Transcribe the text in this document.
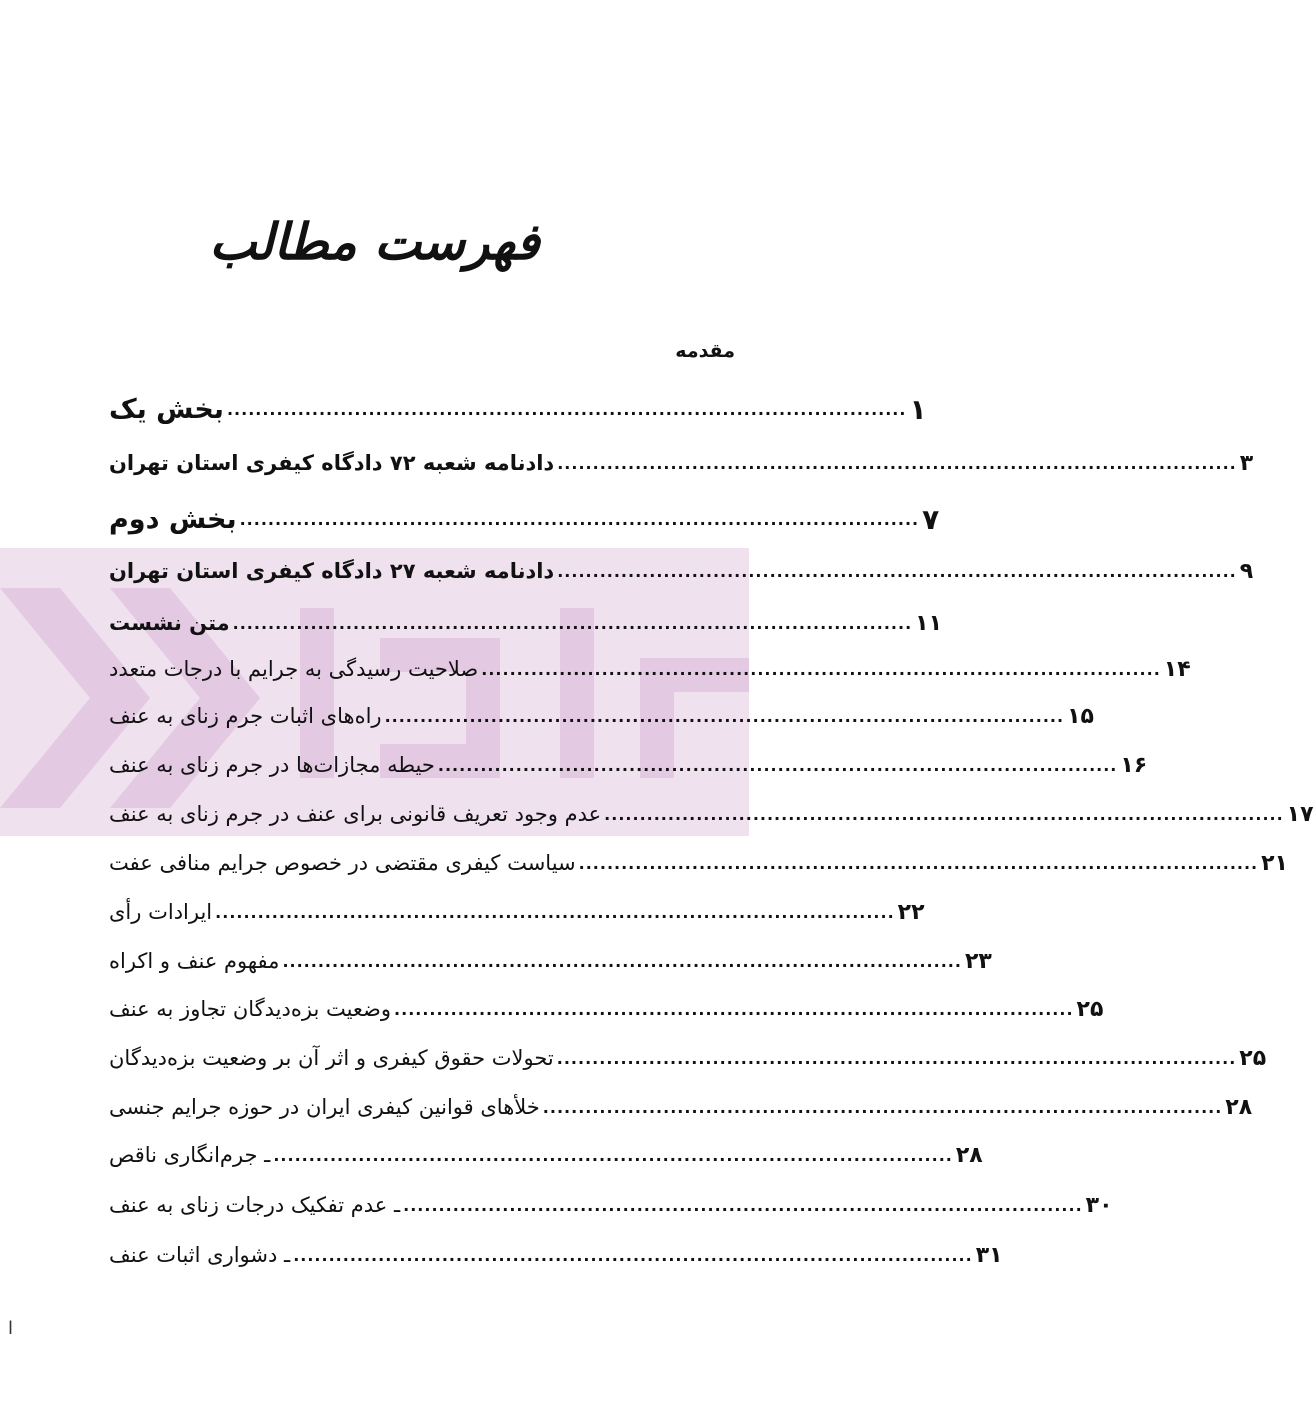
فهرست مطالب
مقدمه
بخش یک ................................................................................................ ۱
دادنامه شعبه ۷۲ دادگاه کیفری استان تهران ................................................................................................ ۳
بخش دوم ................................................................................................ ۷
دادنامه شعبه ۲۷ دادگاه کیفری استان تهران ................................................................................................ ۹
متن نشست ................................................................................................ ۱۱
صلاحیت رسیدگی به جرایم با درجات متعدد ................................................................................................ ۱۴
راه‌های اثبات جرم زنای به عنف ................................................................................................ ۱۵
حیطه مجازات‌ها در جرم زنای به عنف ................................................................................................ ۱۶
عدم وجود تعریف قانونی برای عنف در جرم زنای به عنف ................................................................................................ ۱۷
سیاست کیفری مقتضی در خصوص جرایم منافی عفت ................................................................................................ ۲۱
ایرادات رأی ................................................................................................ ۲۲
مفهوم عنف و اکراه ................................................................................................ ۲۳
وضعیت بزه‌دیدگان تجاوز به عنف ................................................................................................ ۲۵
تحولات حقوق کیفری و اثر آن بر وضعیت بزه‌دیدگان ................................................................................................ ۲۵
خلأهای قوانین کیفری ایران در حوزه جرایم جنسی ................................................................................................ ۲۸
ـ جرم‌انگاری ناقص ................................................................................................ ۲۸
ـ عدم تفکیک درجات زنای به عنف ................................................................................................ ۳۰
ـ دشواری اثبات عنف ................................................................................................ ۳۱
ا
